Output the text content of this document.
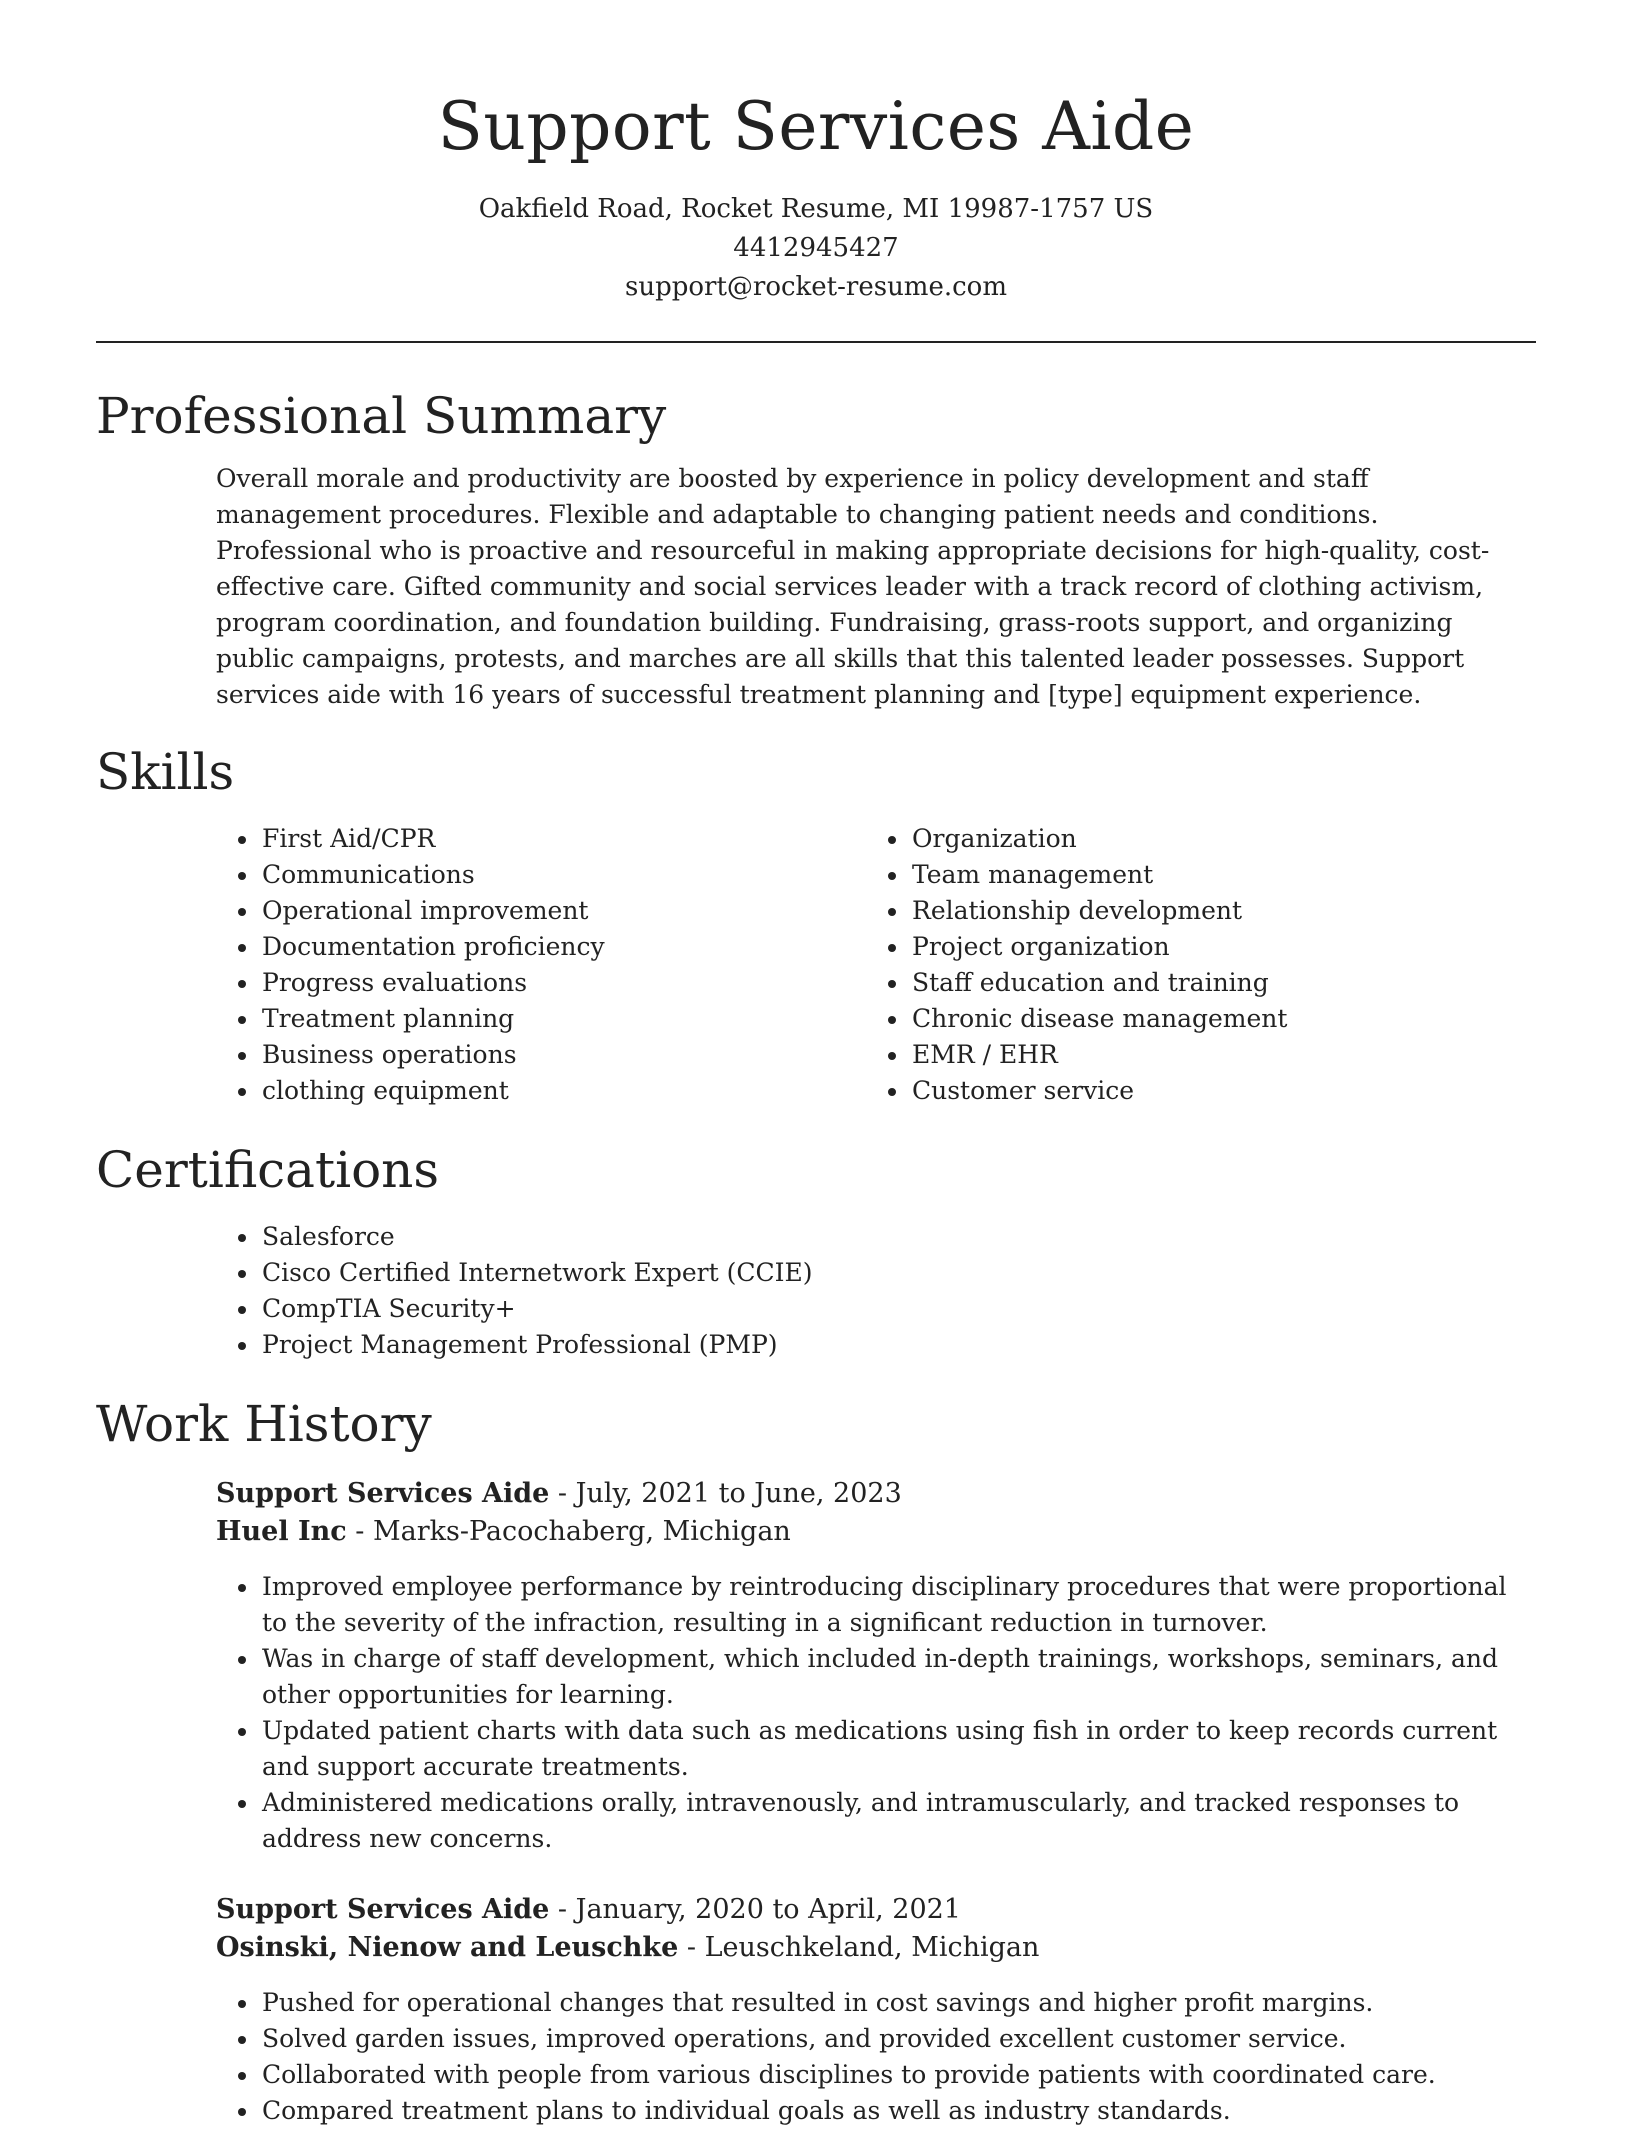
Support Services Aide
Oakfield Road, Rocket Resume, MI 19987-1757 US
4412945427
support@rocket-resume.com
Professional Summary

Overall morale and productivity are boosted by experience in policy development and staff management procedures. Flexible and adaptable to changing patient needs and conditions. Professional who is proactive and resourceful in making appropriate decisions for high-quality, cost-effective care. Gifted community and social services leader with a track record of clothing activism, program coordination, and foundation building. Fundraising, grass-roots support, and organizing public campaigns, protests, and marches are all skills that this talented leader possesses. Support services aide with 16 years of successful treatment planning and [type] equipment experience.

Skills
• First Aid/CPR
• Communications
• Operational improvement
• Documentation proficiency
• Progress evaluations
• Treatment planning
• Business operations
• clothing equipment
• Organization
• Team management
• Relationship development
• Project organization
• Staff education and training
• Chronic disease management
• EMR / EHR
• Customer service
Certifications
• Salesforce
• Cisco Certified Internetwork Expert (CCIE)
• CompTIA Security+
• Project Management Professional (PMP)
Work History
Support Services Aide - July, 2021 to June, 2023
Huel Inc - Marks-Pacochaberg, Michigan
• Improved employee performance by reintroducing disciplinary procedures that were proportional to the severity of the infraction, resulting in a significant reduction in turnover.
• Was in charge of staff development, which included in-depth trainings, workshops, seminars, and other opportunities for learning.
• Updated patient charts with data such as medications using fish in order to keep records current and support accurate treatments.
• Administered medications orally, intravenously, and intramuscularly, and tracked responses to address new concerns.
Support Services Aide - January, 2020 to April, 2021
Osinski, Nienow and Leuschke - Leuschkeland, Michigan
• Pushed for operational changes that resulted in cost savings and higher profit margins.
• Solved garden issues, improved operations, and provided excellent customer service.
• Collaborated with people from various disciplines to provide patients with coordinated care.
• Compared treatment plans to individual goals as well as industry standards.
